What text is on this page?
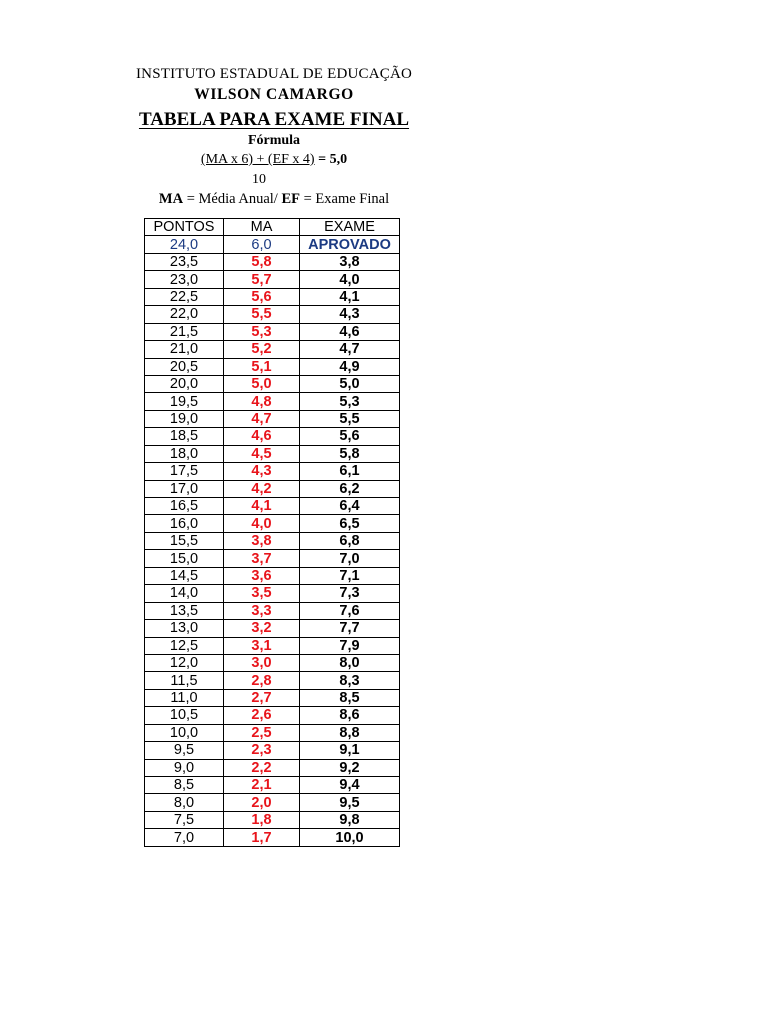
INSTITUTO ESTADUAL DE EDUCAÇÃO
WILSON CAMARGO
TABELA PARA EXAME FINAL
Fórmula
(MA x 6) + (EF x 4) = 5,0
10
MA = Média Anual/ EF = Exame Final
PONTOS	MA	EXAME
24,0	6,0	APROVADO
23,5	5,8	3,8
23,0	5,7	4,0
22,5	5,6	4,1
22,0	5,5	4,3
21,5	5,3	4,6
21,0	5,2	4,7
20,5	5,1	4,9
20,0	5,0	5,0
19,5	4,8	5,3
19,0	4,7	5,5
18,5	4,6	5,6
18,0	4,5	5,8
17,5	4,3	6,1
17,0	4,2	6,2
16,5	4,1	6,4
16,0	4,0	6,5
15,5	3,8	6,8
15,0	3,7	7,0
14,5	3,6	7,1
14,0	3,5	7,3
13,5	3,3	7,6
13,0	3,2	7,7
12,5	3,1	7,9
12,0	3,0	8,0
11,5	2,8	8,3
11,0	2,7	8,5
10,5	2,6	8,6
10,0	2,5	8,8
9,5	2,3	9,1
9,0	2,2	9,2
8,5	2,1	9,4
8,0	2,0	9,5
7,5	1,8	9,8
7,0	1,7	10,0
